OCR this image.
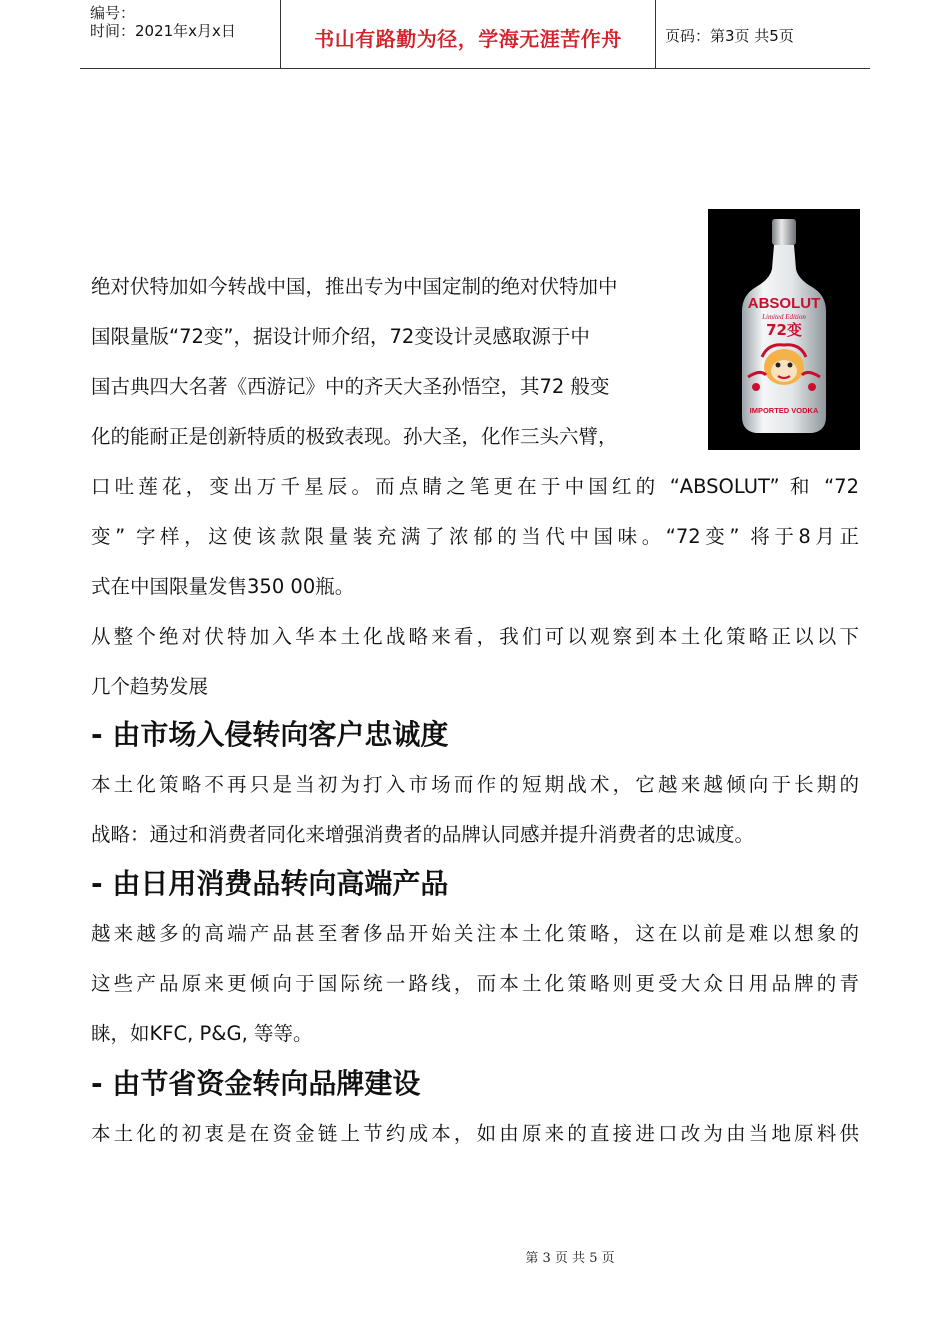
编号：
时间：2021年x月x日	书山有路勤为径，学海无涯苦作舟	页码：第3页 共5页
ABSOLUT
Limited Edition
72变
IMPORTED VODKA
绝对伏特加如今转战中国，推出专为中国定制的绝对伏特加中
国限量版“72变”，据设计师介绍，72变设计灵感取源于中
国古典四大名著《西游记》中的齐天大圣孙悟空，其72 般变
化的能耐正是创新特质的极致表现。孙大圣，化作三头六臂，
口吐莲花，变出万千星辰。而点睛之笔更在于中国红的 “ABSOLUT” 和 “72
变” 字样，这使该款限量装充满了浓郁的当代中国味。“72变” 将于8月正
式在中国限量发售350 00瓶。
从整个绝对伏特加入华本土化战略来看，我们可以观察到本土化策略正以以下
几个趋势发展
- 由市场入侵转向客户忠诚度
本土化策略不再只是当初为打入市场而作的短期战术，它越来越倾向于长期的
战略：通过和消费者同化来增强消费者的品牌认同感并提升消费者的忠诚度。
- 由日用消费品转向高端产品
越来越多的高端产品甚至奢侈品开始关注本土化策略，这在以前是难以想象的
这些产品原来更倾向于国际统一路线，而本土化策略则更受大众日用品牌的青
睐，如KFC, P&G, 等等。
- 由节省资金转向品牌建设
本土化的初衷是在资金链上节约成本，如由原来的直接进口改为由当地原料供
第 3 页 共 5 页
